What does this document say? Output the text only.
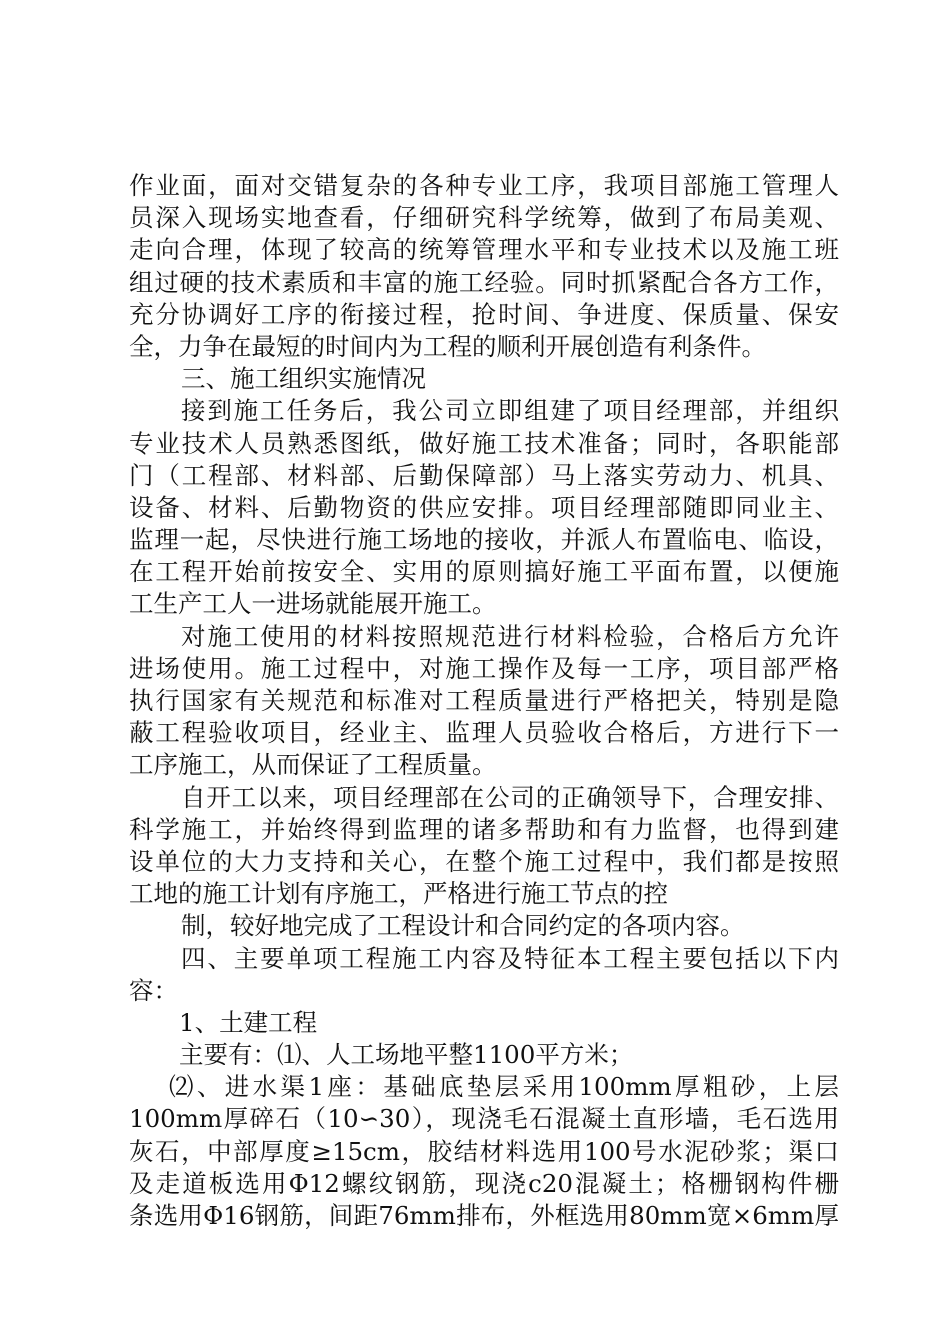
作业面，面对交错复杂的各种专业工序，我项目部施工管理人
员深入现场实地查看，仔细研究科学统筹，做到了布局美观、
走向合理，体现了较高的统筹管理水平和专业技术以及施工班
组过硬的技术素质和丰富的施工经验。同时抓紧配合各方工作，
充分协调好工序的衔接过程，抢时间、争进度、保质量、保安
全，力争在最短的时间内为工程的顺利开展创造有利条件。
三、施工组织实施情况
接到施工任务后，我公司立即组建了项目经理部，并组织
专业技术人员熟悉图纸，做好施工技术准备；同时，各职能部
门（工程部、材料部、后勤保障部）马上落实劳动力、机具、
设备、材料、后勤物资的供应安排。项目经理部随即同业主、
监理一起，尽快进行施工场地的接收，并派人布置临电、临设，
在工程开始前按安全、实用的原则搞好施工平面布置，以便施
工生产工人一进场就能展开施工。
对施工使用的材料按照规范进行材料检验，合格后方允许
进场使用。施工过程中，对施工操作及每一工序，项目部严格
执行国家有关规范和标准对工程质量进行严格把关，特别是隐
蔽工程验收项目，经业主、监理人员验收合格后，方进行下一
工序施工，从而保证了工程质量。
自开工以来，项目经理部在公司的正确领导下，合理安排、
科学施工，并始终得到监理的诸多帮助和有力监督，也得到建
设单位的大力支持和关心，在整个施工过程中，我们都是按照
工地的施工计划有序施工，严格进行施工节点的控
制，较好地完成了工程设计和合同约定的各项内容。
四、主要单项工程施工内容及特征本工程主要包括以下内
容：
1、土建工程
主要有：⑴、人工场地平整1100平方米；
⑵、进水渠1座：基础底垫层采用100mm厚粗砂，上层
100mm厚碎石（10∽30），现浇毛石混凝土直形墙，毛石选用
灰石，中部厚度≥15cm，胶结材料选用100号水泥砂浆；渠口
及走道板选用Φ12螺纹钢筋，现浇c20混凝土；格栅钢构件栅
条选用Φ16钢筋，间距76mm排布，外框选用80mm宽×6mm厚
